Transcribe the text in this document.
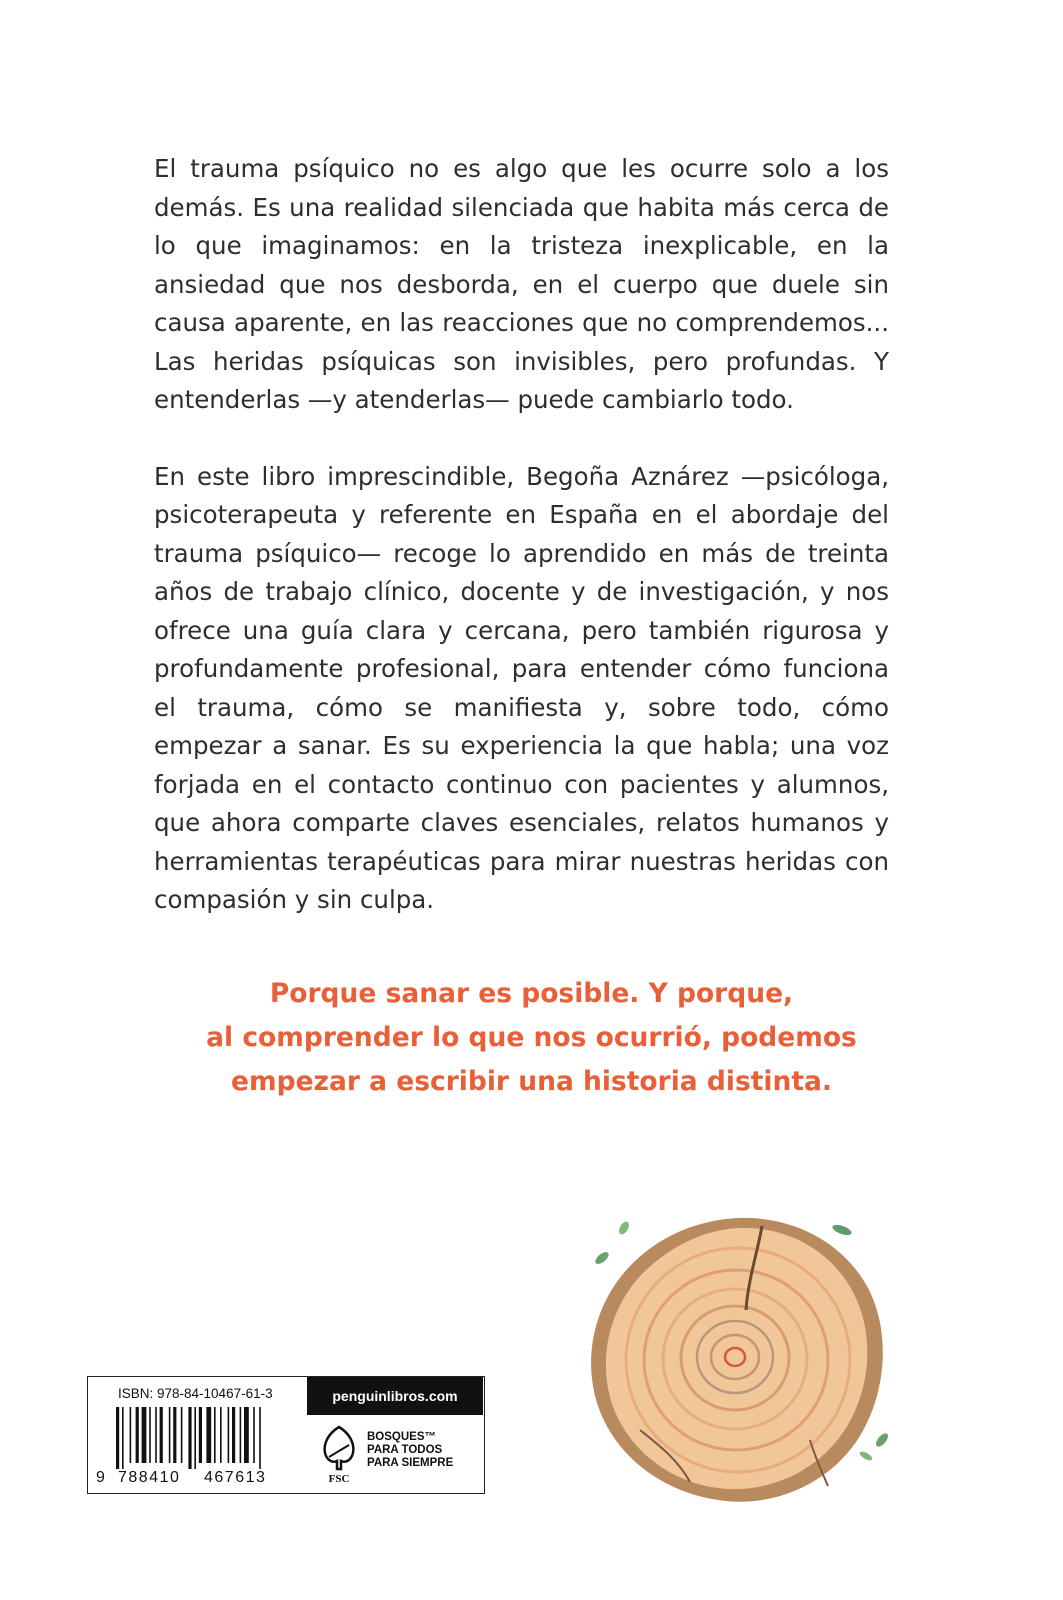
El trauma psíquico no es algo que les ocurre solo a los demás. Es una realidad silenciada que habita más cerca de lo que imaginamos: en la tristeza inexplicable, en la ansiedad que nos desborda, en el cuerpo que duele sin causa aparente, en las reacciones que no comprendemos... Las heridas psíquicas son invisibles, pero profundas. Y entenderlas —y atenderlas— puede cambiarlo todo.

En este libro imprescindible, Begoña Aznárez —psicóloga, psicoterapeuta y referente en España en el abordaje del trauma psíquico— recoge lo aprendido en más de treinta años de trabajo clínico, docente y de investigación, y nos ofrece una guía clara y cercana, pero también rigurosa y profundamente profesional, para entender cómo funciona el trauma, cómo se manifiesta y, sobre todo, cómo empezar a sanar. Es su experiencia la que habla; una voz forjada en el contacto continuo con pacientes y alumnos, que ahora comparte claves esenciales, relatos humanos y herramientas terapéuticas para mirar nuestras heridas con compasión y sin culpa.

Porque sanar es posible. Y porque,
al comprender lo que nos ocurrió, podemos
empezar a escribir una historia distinta.
ISBN: 978-84-10467-61-3
9 788410 467613
penguinlibros.com
FSC
BOSQUES™
PARA TODOS
PARA SIEMPRE
